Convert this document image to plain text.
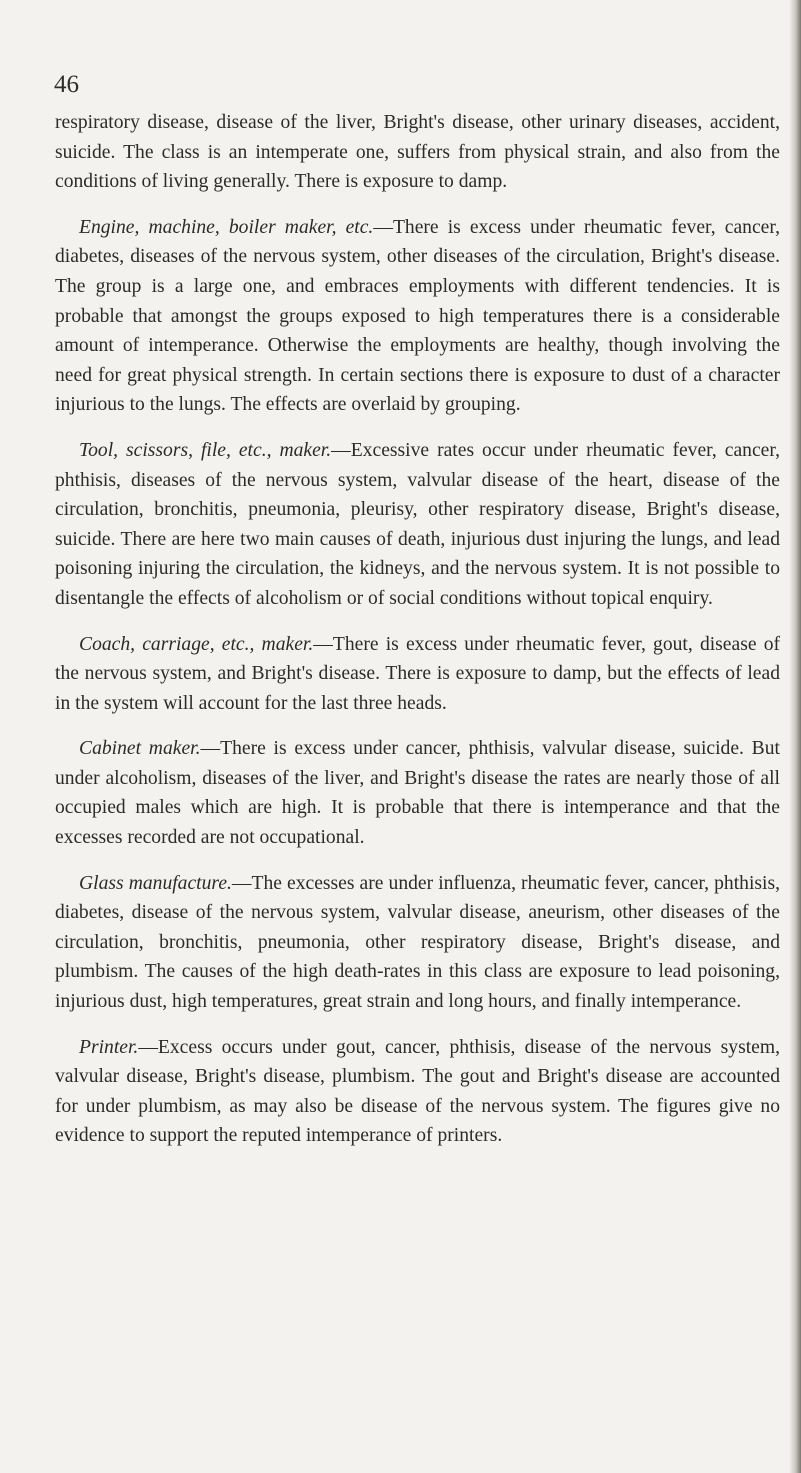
46

respiratory disease, disease of the liver, Bright's disease, other urinary diseases, accident, suicide. The class is an intemperate one, suffers from physical strain, and also from the conditions of living generally. There is exposure to damp.

Engine, machine, boiler maker, etc.—There is excess under rheumatic fever, cancer, diabetes, diseases of the nervous system, other diseases of the circulation, Bright's disease. The group is a large one, and embraces employments with different tendencies. It is probable that amongst the groups exposed to high temperatures there is a considerable amount of intemperance. Otherwise the employments are healthy, though involving the need for great physical strength. In certain sections there is exposure to dust of a character injurious to the lungs. The effects are overlaid by grouping.

Tool, scissors, file, etc., maker.—Excessive rates occur under rheumatic fever, cancer, phthisis, diseases of the nervous system, valvular disease of the heart, disease of the circulation, bronchitis, pneumonia, pleurisy, other respiratory disease, Bright's disease, suicide. There are here two main causes of death, injurious dust injuring the lungs, and lead poisoning injuring the circulation, the kidneys, and the nervous system. It is not possible to disentangle the effects of alcoholism or of social conditions without topical enquiry.

Coach, carriage, etc., maker.—There is excess under rheumatic fever, gout, disease of the nervous system, and Bright's disease. There is exposure to damp, but the effects of lead in the system will account for the last three heads.

Cabinet maker.—There is excess under cancer, phthisis, valvular disease, suicide. But under alcoholism, diseases of the liver, and Bright's disease the rates are nearly those of all occupied males which are high. It is probable that there is intemperance and that the excesses recorded are not occupational.

Glass manufacture.—The excesses are under influenza, rheumatic fever, cancer, phthisis, diabetes, disease of the nervous system, valvular disease, aneurism, other diseases of the circulation, bronchitis, pneumonia, other respiratory disease, Bright's disease, and plumbism. The causes of the high death-rates in this class are exposure to lead poisoning, injurious dust, high temperatures, great strain and long hours, and finally intemperance.

Printer.—Excess occurs under gout, cancer, phthisis, disease of the nervous system, valvular disease, Bright's disease, plumbism. The gout and Bright's disease are accounted for under plumbism, as may also be disease of the nervous system. The figures give no evidence to support the reputed intemperance of printers.
